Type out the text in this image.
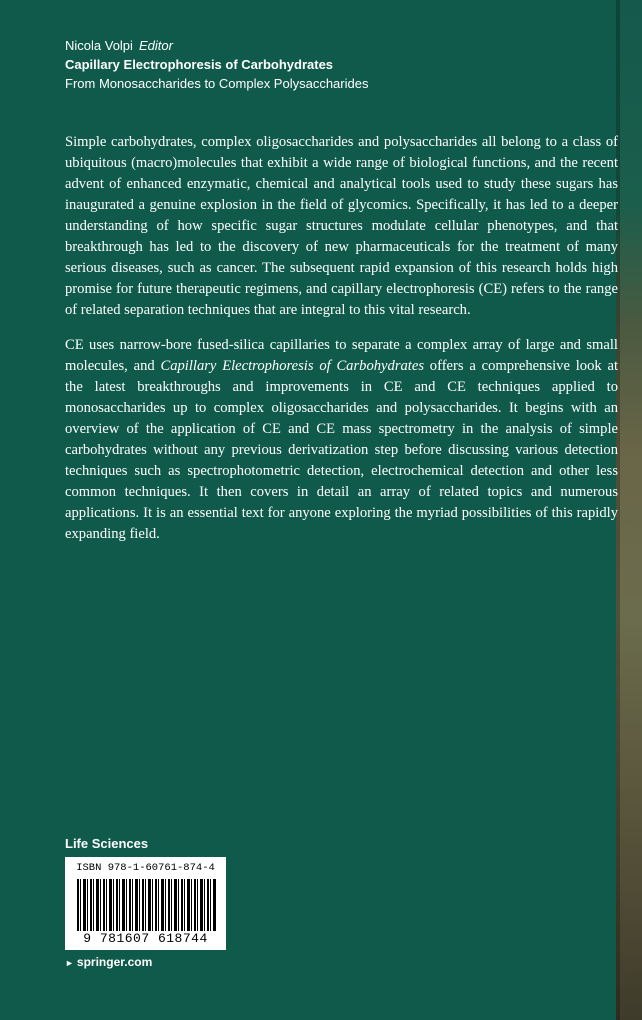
Nicola Volpi Editor
Capillary Electrophoresis of Carbohydrates
From Monosaccharides to Complex Polysaccharides

Simple carbohydrates, complex oligosaccharides and polysaccharides all belong to a class of ubiquitous (macro)molecules that exhibit a wide range of biological functions, and the recent advent of enhanced enzymatic, chemical and analytical tools used to study these sugars has inaugurated a genuine explosion in the field of glycomics. Specifically, it has led to a deeper understanding of how specific sugar structures modulate cellular phenotypes, and that breakthrough has led to the discovery of new pharmaceuticals for the treatment of many serious diseases, such as cancer. The subsequent rapid expansion of this research holds high promise for future therapeutic regimens, and capillary electrophoresis (CE) refers to the range of related separation techniques that are integral to this vital research.

CE uses narrow-bore fused-silica capillaries to separate a complex array of large and small molecules, and Capillary Electrophoresis of Carbohydrates offers a comprehensive look at the latest breakthroughs and improvements in CE and CE techniques applied to monosaccharides up to complex oligosaccharides and polysaccharides. It begins with an overview of the application of CE and CE mass spectrometry in the analysis of simple carbohydrates without any previous derivatization step before discussing various detection techniques such as spectrophotometric detection, electrochemical detection and other less common techniques. It then covers in detail an array of related topics and numerous applications. It is an essential text for anyone exploring the myriad possibilities of this rapidly expanding field.

Life Sciences
ISBN 978-1-60761-874-4
9 781607 618744
► springer.com
